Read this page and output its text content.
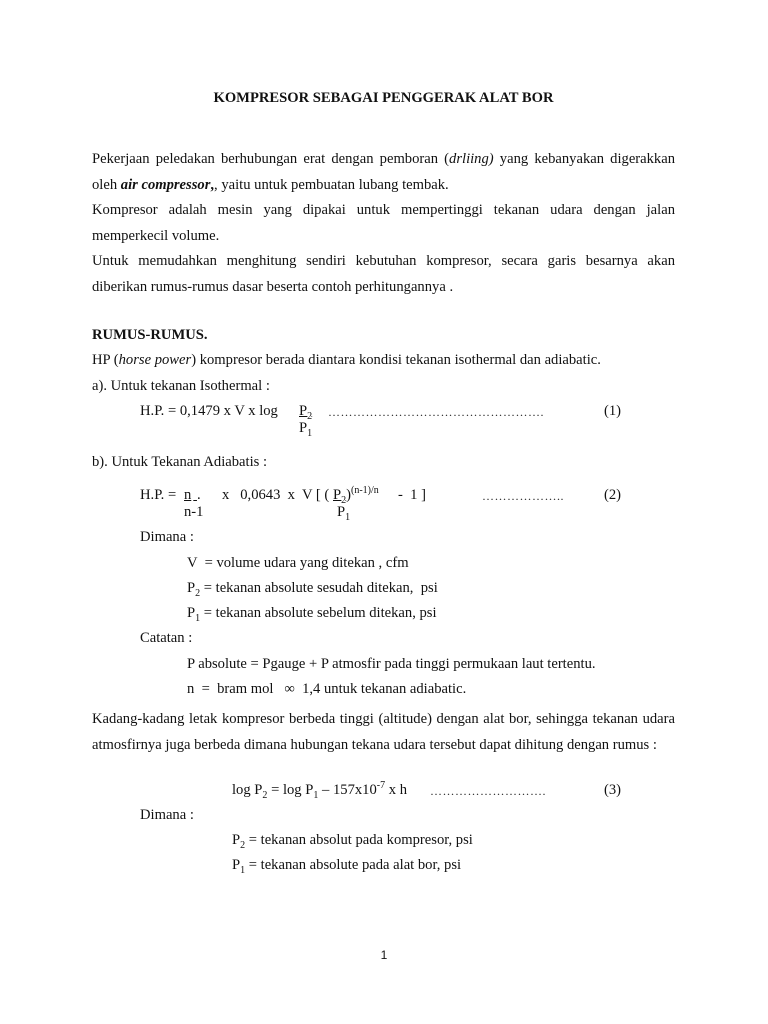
KOMPRESOR SEBAGAI PENGGERAK ALAT BOR
Pekerjaan peledakan berhubungan erat dengan pemboran (drliing) yang kebanyakan digerakkan oleh air compressor,, yaitu untuk pembuatan lubang tembak.
Kompresor adalah mesin yang dipakai untuk mempertinggi tekanan udara dengan jalan memperkecil volume.
Untuk memudahkan menghitung sendiri kebutuhan kompresor, secara garis besarnya akan diberikan rumus-rumus dasar beserta contoh perhitungannya .
RUMUS-RUMUS.
HP (horse power) kompresor berada diantara kondisi tekanan isothermal dan adiabatic.
a). Untuk tekanan Isothermal :
H.P. = 0,1479 x V x $\log P_2$
$P_1$
…………………………………………….	(1)
b). Untuk Tekanan Adiabatis :
H.P. = n .
n-1
x   0,0643  x  V [ ( $P_2)^{(n-1)/n} - 1$ ]
$P_1$
………………..	(2)
Dimana :
V  = volume udara yang ditekan , cfm
$P_2$ = tekanan absolute sesudah ditekan,  psi
$P_1$ = tekanan absolute sebelum ditekan, psi
Catatan :
P absolute = Pgauge + P atmosfir pada tinggi permukaan laut tertentu.
n  =  bram mol   ∞  1,4 untuk tekanan adiabatic.
Kadang-kadang letak kompresor berbeda tinggi (altitude) dengan alat bor, sehingga tekanan udara atmosfirnya juga berbeda dimana hubungan tekana udara tersebut dapat dihitung dengan rumus :
$\log P_2 = \log P_1 - 157x10^{-7}$ x h ……………………….	(3)
Dimana :
$P_2$ = tekanan absolut pada kompresor, psi
$P_1$ = tekanan absolute pada alat bor, psi
1
